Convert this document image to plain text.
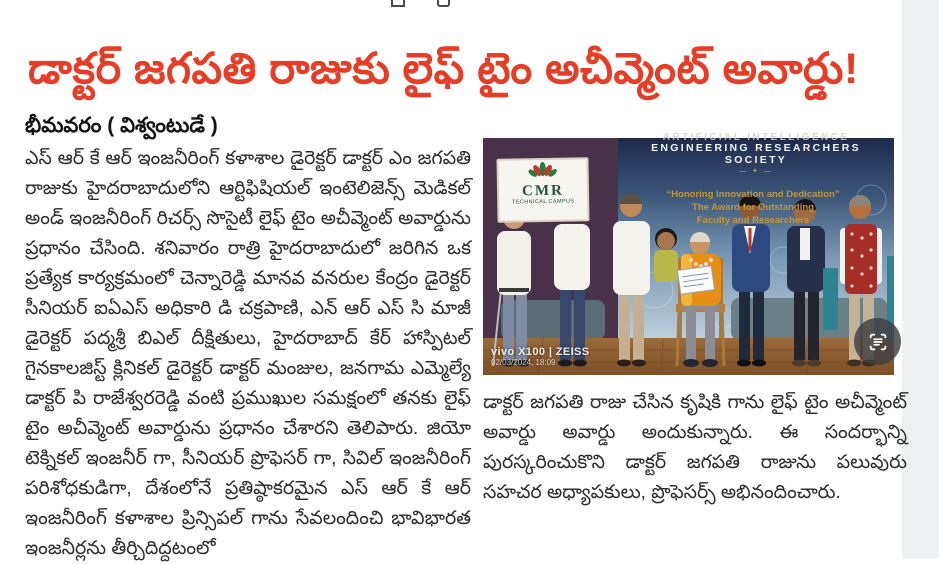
డాక్టర్ జగపతి రాజుకు లైఫ్ టైం అచీవ్మెంట్ అవార్డు!
భీమవరం ( విశ్వంటుడే )

ఎస్ ఆర్ కే ఆర్ ఇంజనీరింగ్ కళాశాల డైరెక్టర్ డాక్టర్ ఎం జగపతి రాజుకు హైదరాబాదులోని ఆర్టిఫిషియల్ ఇంటెలిజెన్స్ మెడికల్ అండ్ ఇంజనీరింగ్ రిచర్స్ సొసైటీ లైఫ్ టైం అచీవ్మెంట్ అవార్డును ప్రధానం చేసింది. శనివారం రాత్రి హైదరాబాదులో జరిగిన ఒక ప్రత్యేక కార్యక్రమంలో చెన్నారెడ్డి మానవ వనరుల కేంద్రం డైరెక్టర్ సీనియర్ ఐఏఎస్ అధికారి డి చక్రపాణి, ఎన్ ఆర్ ఎస్ సి మాజీ డైరెక్టర్ పద్మశ్రీ బిఎల్ దీక్షితులు, హైదరాబాద్ కేర్ హాస్పిటల్ గైనకాలజిస్ట్ క్లినికల్ డైరెక్టర్ డాక్టర్ మంజుల, జనగామ ఎమ్మెల్యే డాక్టర్ పి రాజేశ్వరరెడ్డి వంటి ప్రముఖుల సమక్షంలో తనకు లైఫ్ టైం అచీవ్మెంట్ అవార్డును ప్రధానం చేశారని తెలిపారు. జియో టెక్నికల్ ఇంజనీర్ గా, సీనియర్ ప్రొఫెసర్ గా, సివిల్ ఇంజనీరింగ్ పరిశోధకుడిగా, దేశంలోనే ప్రతిష్ఠాకరమైన ఎస్ ఆర్ కే ఆర్ ఇంజనీరింగ్ కళాశాల ప్రిన్సిపల్ గాను సేవలందించి భావిభారత ఇంజనీర్లను తీర్చిదిద్దటంలో

ARTIFICIAL INTELLIGENCE
ENGINEERING RESEARCHERS SOCIETY
— ✦ —
“Honoring Innovation and Dedication”
The Award for Outstanding
Faculty and Researchers
CMR
TECHNICAL CAMPUS
vivo X100 | ZEISS
02/03/2024, 18:09

డాక్టర్ జగపతి రాజు చేసిన కృషికి గాను లైఫ్ టైం అచీవ్మెంట్ అవార్డు అవార్డు అందుకున్నారు. ఈ సందర్భాన్ని పురస్కరించుకొని డాక్టర్ జగపతి రాజును పలువురు సహచర అధ్యాపకులు, ప్రొఫెసర్స్ అభినందించారు.
